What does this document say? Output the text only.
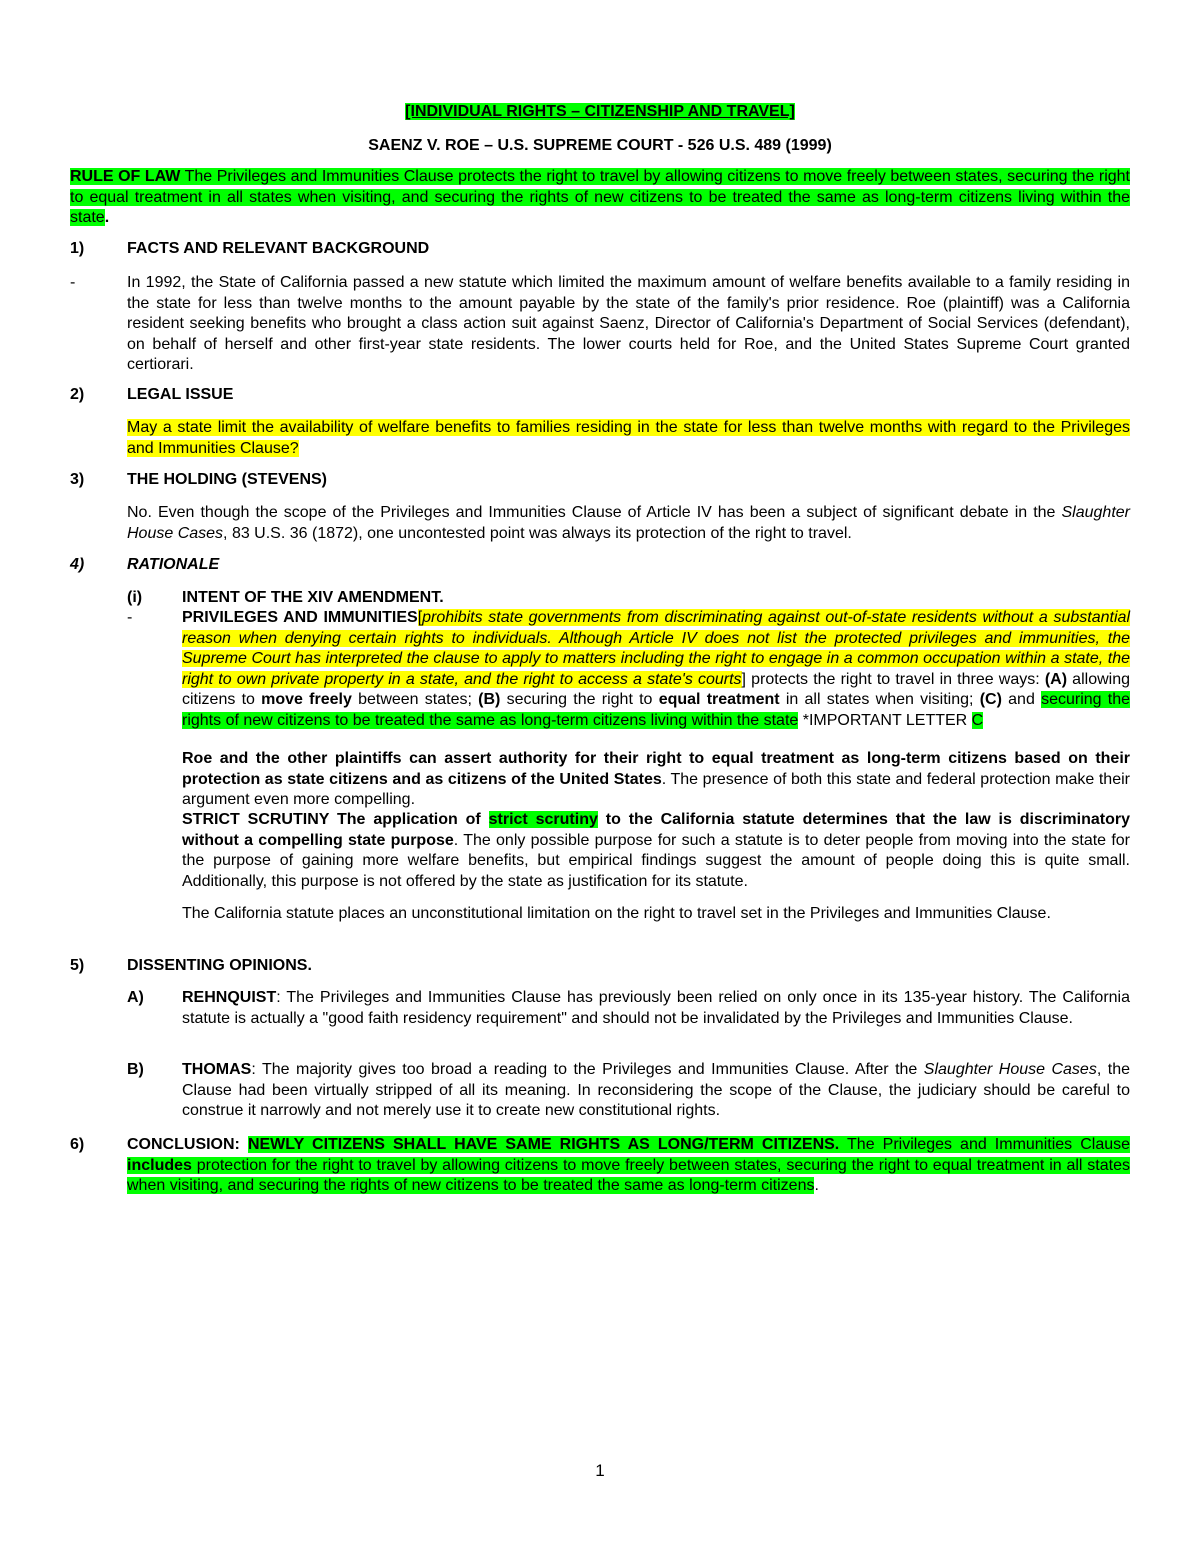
[INDIVIDUAL RIGHTS – CITIZENSHIP AND TRAVEL]
SAENZ V. ROE – U.S. SUPREME COURT - 526 U.S. 489 (1999)
RULE OF LAW The Privileges and Immunities Clause protects the right to travel by allowing citizens to move freely between states, securing the right to equal treatment in all states when visiting, and securing the rights of new citizens to be treated the same as long-term citizens living within the state.
1)	FACTS AND RELEVANT BACKGROUND
-	In 1992, the State of California passed a new statute which limited the maximum amount of welfare benefits available to a family residing in the state for less than twelve months to the amount payable by the state of the family's prior residence. Roe (plaintiff) was a California resident seeking benefits who brought a class action suit against Saenz, Director of California's Department of Social Services (defendant), on behalf of herself and other first-year state residents. The lower courts held for Roe, and the United States Supreme Court granted certiorari.
2)	LEGAL ISSUE
May a state limit the availability of welfare benefits to families residing in the state for less than twelve months with regard to the Privileges and Immunities Clause?
3)	THE HOLDING (STEVENS)
No. Even though the scope of the Privileges and Immunities Clause of Article IV has been a subject of significant debate in the Slaughter House Cases, 83 U.S. 36 (1872), one uncontested point was always its protection of the right to travel.
4)	RATIONALE
(i) INTENT OF THE XIV AMENDMENT.
-	PRIVILEGES AND IMMUNITIES[prohibits state governments from discriminating against out-of-state residents without a substantial reason when denying certain rights to individuals. Although Article IV does not list the protected privileges and immunities, the Supreme Court has interpreted the clause to apply to matters including the right to engage in a common occupation within a state, the right to own private property in a state, and the right to access a state's courts] protects the right to travel in three ways: (A) allowing citizens to move freely between states; (B) securing the right to equal treatment in all states when visiting; (C) and securing the rights of new citizens to be treated the same as long-term citizens living within the state *IMPORTANT LETTER C
Roe and the other plaintiffs can assert authority for their right to equal treatment as long-term citizens based on their protection as state citizens and as citizens of the United States. The presence of both this state and federal protection make their argument even more compelling.
STRICT SCRUTINY The application of strict scrutiny to the California statute determines that the law is discriminatory without a compelling state purpose. The only possible purpose for such a statute is to deter people from moving into the state for the purpose of gaining more welfare benefits, but empirical findings suggest the amount of people doing this is quite small. Additionally, this purpose is not offered by the state as justification for its statute.
The California statute places an unconstitutional limitation on the right to travel set in the Privileges and Immunities Clause.
5)	DISSENTING OPINIONS.
A) REHNQUIST: The Privileges and Immunities Clause has previously been relied on only once in its 135-year history. The California statute is actually a "good faith residency requirement" and should not be invalidated by the Privileges and Immunities Clause.
B) THOMAS: The majority gives too broad a reading to the Privileges and Immunities Clause. After the Slaughter House Cases, the Clause had been virtually stripped of all its meaning. In reconsidering the scope of the Clause, the judiciary should be careful to construe it narrowly and not merely use it to create new constitutional rights.
6)	CONCLUSION: NEWLY CITIZENS SHALL HAVE SAME RIGHTS AS LONG/TERM CITIZENS. The Privileges and Immunities Clause includes protection for the right to travel by allowing citizens to move freely between states, securing the right to equal treatment in all states when visiting, and securing the rights of new citizens to be treated the same as long-term citizens.
1
